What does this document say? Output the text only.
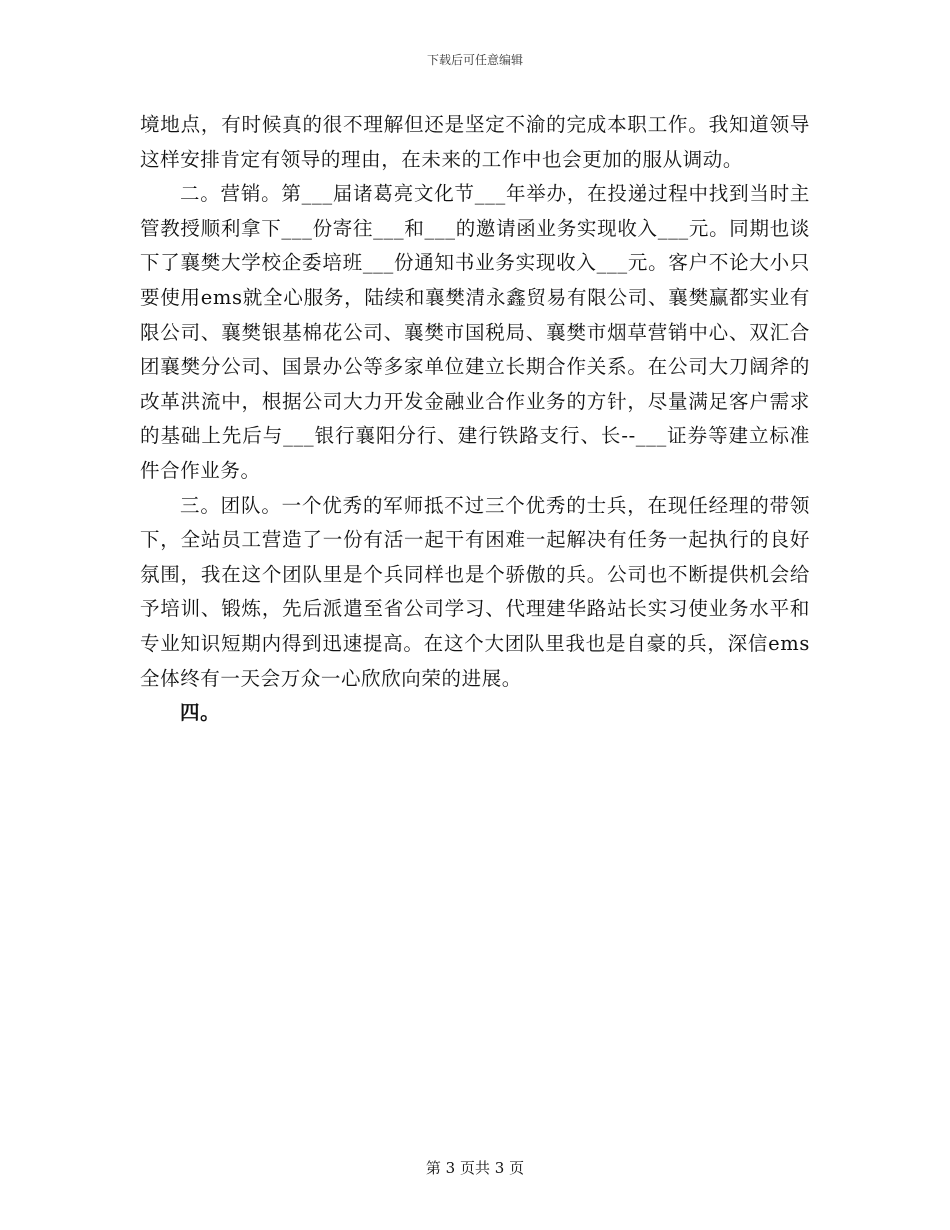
下载后可任意编辑

境地点，有时候真的很不理解但还是坚定不渝的完成本职工作。我知道领导这样安排肯定有领导的理由，在未来的工作中也会更加的服从调动。

二。营销。第___届诸葛亮文化节___年举办，在投递过程中找到当时主管教授顺利拿下___份寄往___和___的邀请函业务实现收入___元。同期也谈下了襄樊大学校企委培班___份通知书业务实现收入___元。客户不论大小只要使用ems就全心服务，陆续和襄樊清永鑫贸易有限公司、襄樊赢都实业有限公司、襄樊银基棉花公司、襄樊市国税局、襄樊市烟草营销中心、双汇合团襄樊分公司、国景办公等多家单位建立长期合作关系。在公司大刀阔斧的改革洪流中，根据公司大力开发金融业合作业务的方针，尽量满足客户需求的基础上先后与___银行襄阳分行、建行铁路支行、长--___证券等建立标准件合作业务。

三。团队。一个优秀的军师抵不过三个优秀的士兵，在现任经理的带领下，全站员工营造了一份有活一起干有困难一起解决有任务一起执行的良好氛围，我在这个团队里是个兵同样也是个骄傲的兵。公司也不断提供机会给予培训、锻炼，先后派遣至省公司学习、代理建华路站长实习使业务水平和专业知识短期内得到迅速提高。在这个大团队里我也是自豪的兵，深信ems全体终有一天会万众一心欣欣向荣的进展。

四。

第 3 页共 3 页
